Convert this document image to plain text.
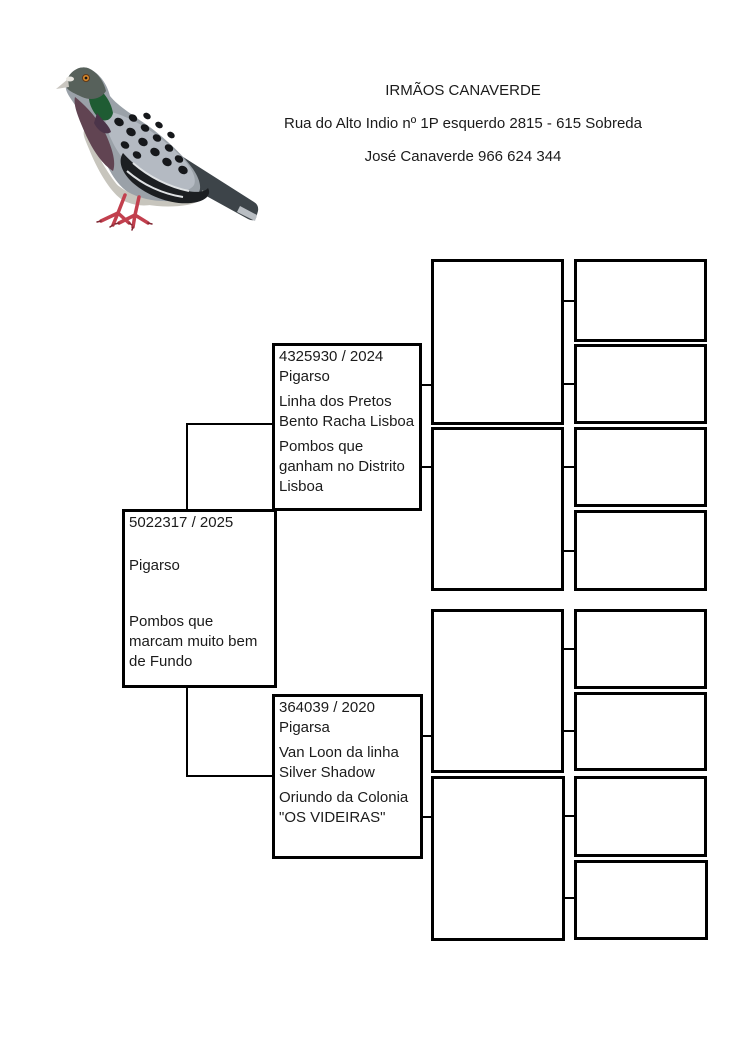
IRMÃOS CANAVERDE
Rua do Alto Indio nº 1P esquerdo 2815 - 615 Sobreda
José Canaverde 966 624 344
5022317 / 2025
Pigarso
Pombos que marcam muito bem de Fundo
4325930 / 2024
Pigarso
Linha dos Pretos Bento Racha Lisboa
Pombos que ganham no Distrito Lisboa
364039 / 2020
Pigarsa
Van Loon da linha Silver Shadow
Oriundo da Colonia "OS VIDEIRAS"
